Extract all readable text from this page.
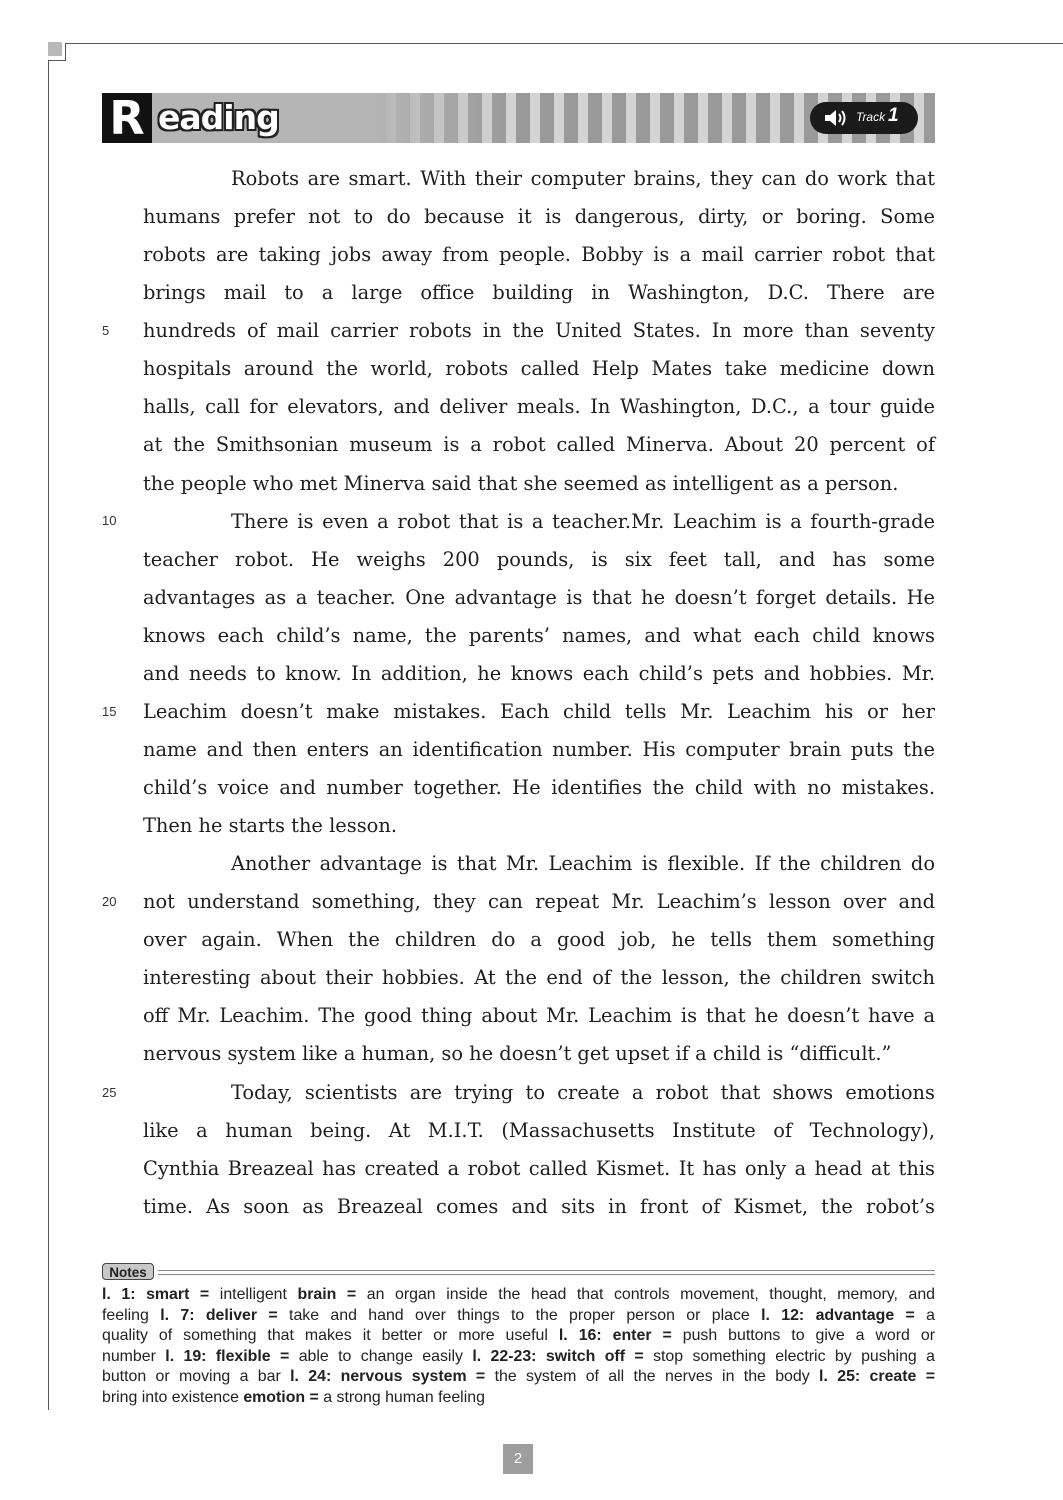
R eading	Track 1
5
10
15
20
25
Robots are smart. With their computer brains, they can do work that
humans prefer not to do because it is dangerous, dirty, or boring. Some
robots are taking jobs away from people. Bobby is a mail carrier robot that
brings mail to a large office building in Washington, D.C. There are
hundreds of mail carrier robots in the United States. In more than seventy
hospitals around the world, robots called Help Mates take medicine down
halls, call for elevators, and deliver meals. In Washington, D.C., a tour guide
at the Smithsonian museum is a robot called Minerva. About 20 percent of
the people who met Minerva said that she seemed as intelligent as a person.
There is even a robot that is a teacher.Mr. Leachim is a fourth-grade
teacher robot. He weighs 200 pounds, is six feet tall, and has some
advantages as a teacher. One advantage is that he doesn’t forget details. He
knows each child’s name, the parents’ names, and what each child knows
and needs to know. In addition, he knows each child’s pets and hobbies. Mr.
Leachim doesn’t make mistakes. Each child tells Mr. Leachim his or her
name and then enters an identification number. His computer brain puts the
child’s voice and number together. He identifies the child with no mistakes.
Then he starts the lesson.
Another advantage is that Mr. Leachim is flexible. If the children do
not understand something, they can repeat Mr. Leachim’s lesson over and
over again. When the children do a good job, he tells them something
interesting about their hobbies. At the end of the lesson, the children switch
off Mr. Leachim. The good thing about Mr. Leachim is that he doesn’t have a
nervous system like a human, so he doesn’t get upset if a child is “difficult.”
Today, scientists are trying to create a robot that shows emotions
like a human being. At M.I.T. (Massachusetts Institute of Technology),
Cynthia Breazeal has created a robot called Kismet. It has only a head at this
time. As soon as Breazeal comes and sits in front of Kismet, the robot’s
Notes
l. 1: smart = intelligent brain = an organ inside the head that controls movement, thought, memory, and
feeling l. 7: deliver = take and hand over things to the proper person or place l. 12: advantage = a
quality of something that makes it better or more useful l. 16: enter = push buttons to give a word or
number l. 19: flexible = able to change easily l. 22-23: switch off = stop something electric by pushing a
button or moving a bar l. 24: nervous system = the system of all the nerves in the body l. 25: create =
bring into existence emotion = a strong human feeling
2
